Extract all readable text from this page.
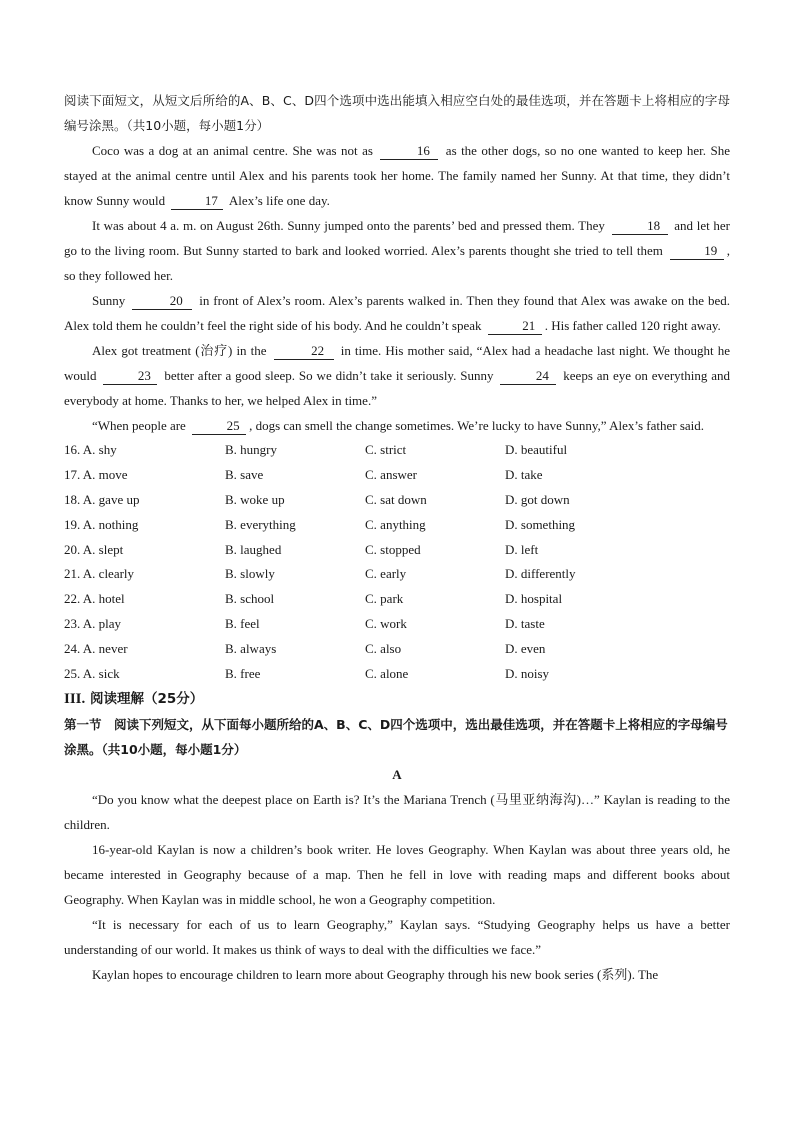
阅读下面短文，从短文后所给的A、B、C、D四个选项中选出能填入相应空白处的最佳选项，并在答题卡上将相应的字母编号涂黑。（共10小题，每小题1分）

Coco was a dog at an animal centre. She was not as	16 as the other dogs, so no one wanted to keep her. She stayed at the animal centre until Alex and his parents took her home. The family named her Sunny. At that time, they didn’t know Sunny would	17 Alex’s life one day.

It was about 4 a. m. on August 26th. Sunny jumped onto the parents’ bed and pressed them. They	18 and let her go to the living room. But Sunny started to bark and looked worried. Alex’s parents thought she tried to tell them	19 , so they followed her.

Sunny	20 in front of Alex’s room. Alex’s parents walked in. Then they found that Alex was awake on the bed. Alex told them he couldn’t feel the right side of his body. And he couldn’t speak	21 . His father called 120 right away.

Alex got treatment (治疗) in the	22 in time. His mother said, “Alex had a headache last night. We thought he would	23 better after a good sleep. So we didn’t take it seriously. Sunny	24 keeps an eye on everything and everybody at home. Thanks to her, we helped Alex in time.”

“When people are	25 , dogs can smell the change sometimes. We’re lucky to have Sunny,” Alex’s father said.

16. A. shy	B. hungry	C. strict	D. beautiful
17. A. move	B. save	C. answer	D. take
18. A. gave up	B. woke up	C. sat down	D. got down
19. A. nothing	B. everything	C. anything	D. something
20. A. slept	B. laughed	C. stopped	D. left
21. A. clearly	B. slowly	C. early	D. differently
22. A. hotel	B. school	C. park	D. hospital
23. A. play	B. feel	C. work	D. taste
24. A. never	B. always	C. also	D. even
25. A. sick	B. free	C. alone	D. noisy

III. 阅读理解（25分）

第一节　阅读下列短文，从下面每小题所给的A、B、C、D四个选项中，选出最佳选项，并在答题卡上将相应的字母编号涂黑。（共10小题，每小题1分）

A

“Do you know what the deepest place on Earth is? It’s the Mariana Trench (马里亚纳海沟)…” Kaylan is reading to the children.

16-year-old Kaylan is now a children’s book writer. He loves Geography. When Kaylan was about three years old, he became interested in Geography because of a map. Then he fell in love with reading maps and different books about Geography. When Kaylan was in middle school, he won a Geography competition.

“It is necessary for each of us to learn Geography,” Kaylan says. “Studying Geography helps us have a better understanding of our world. It makes us think of ways to deal with the difficulties we face.”

Kaylan hopes to encourage children to learn more about Geography through his new book series (系列). The
